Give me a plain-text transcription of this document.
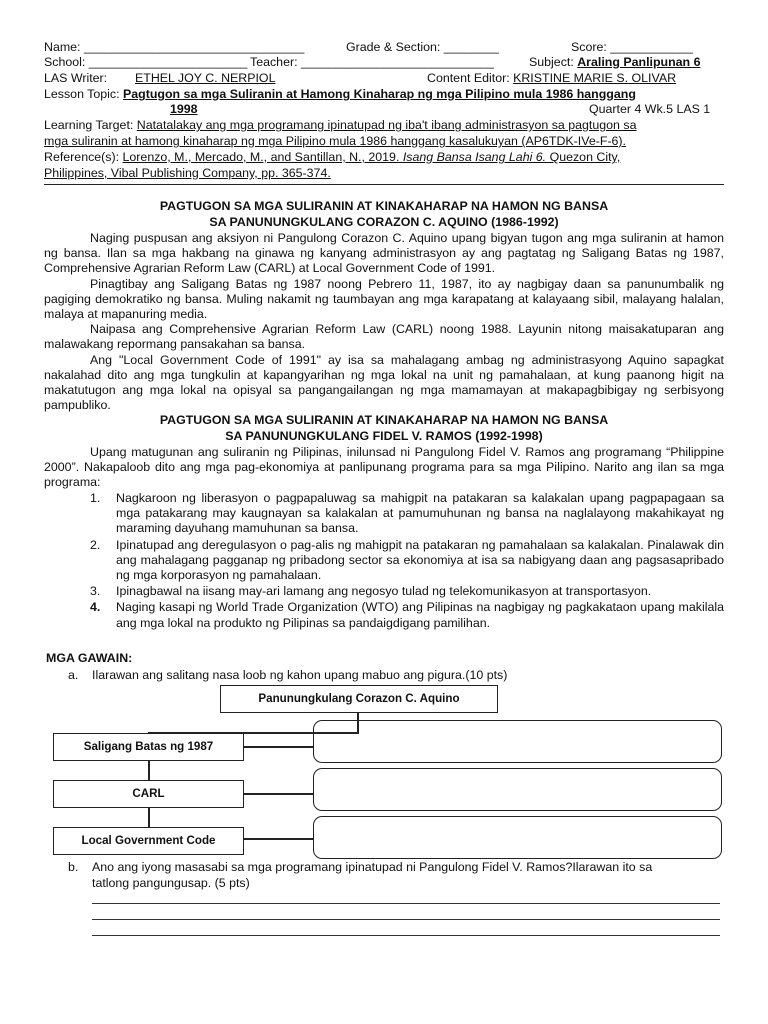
Name: ________________________________	Grade & Section: ________	Score: ____________
School: _______________________ Teacher: ____________________________	Subject: Araling Panlipunan 6
LAS Writer: ETHEL JOY C. NERPIOL	Content Editor: KRISTINE MARIE S. OLIVAR
Lesson Topic: Pagtugon sa mga Suliranin at Hamong Kinaharap ng mga Pilipino mula 1986 hanggang
1998	Quarter 4 Wk.5 LAS 1
Learning Target: Natatalakay ang mga programang ipinatupad ng iba't ibang administrasyon sa pagtugon sa
mga suliranin at hamong kinaharap ng mga Pilipino mula 1986 hanggang kasalukuyan (AP6TDK-IVe-F-6).
Reference(s): Lorenzo, M., Mercado, M., and Santillan, N., 2019. Isang Bansa Isang Lahi 6. Quezon City,
Philippines, Vibal Publishing Company, pp. 365-374.
PAGTUGON SA MGA SULIRANIN AT KINAKAHARAP NA HAMON NG BANSA
SA PANUNUNGKULANG CORAZON C. AQUINO (1986-1992)

Naging puspusan ang aksiyon ni Pangulong Corazon C. Aquino upang bigyan tugon ang mga suliranin at hamon ng bansa. Ilan sa mga hakbang na ginawa ng kanyang administrasyon ay ang pagtatag ng Saligang Batas ng 1987, Comprehensive Agrarian Reform Law (CARL) at Local Government Code of 1991.

Pinagtibay ang Saligang Batas ng 1987 noong Pebrero 11, 1987, ito ay nagbigay daan sa panunumbalik ng pagiging demokratiko ng bansa. Muling nakamit ng taumbayan ang mga karapatang at kalayaang sibil, malayang halalan, malaya at mapanuring media.

Naipasa ang Comprehensive Agrarian Reform Law (CARL) noong 1988. Layunin nitong maisakatuparan ang malawakang repormang pansakahan sa bansa.

Ang "Local Government Code of 1991" ay isa sa mahalagang ambag ng administrasyong Aquino sapagkat nakalahad dito ang mga tungkulin at kapangyarihan ng mga lokal na unit ng pamahalaan, at kung paanong higit na makatutugon ang mga lokal na opisyal sa pangangailangan ng mga mamamayan at makapagbibigay ng serbisyong pampubliko.

PAGTUGON SA MGA SULIRANIN AT KINAKAHARAP NA HAMON NG BANSA
SA PANUNUNGKULANG FIDEL V. RAMOS (1992-1998)

Upang matugunan ang suliranin ng Pilipinas, inilunsad ni Pangulong Fidel V. Ramos ang programang “Philippine 2000”. Nakapaloob dito ang mga pag-ekonomiya at panlipunang programa para sa mga Pilipino. Narito ang ilan sa mga programa:

1. Nagkaroon ng liberasyon o pagpapaluwag sa mahigpit na patakaran sa kalakalan upang pagpapagaan sa mga patakarang may kaugnayan sa kalakalan at pamumuhunan ng bansa na naglalayong makahikayat ng maraming dayuhang mamuhunan sa bansa.
2. Ipinatupad ang deregulasyon o pag-alis ng mahigpit na patakaran ng pamahalaan sa kalakalan. Pinalawak din ang mahalagang pagganap ng pribadong sector sa ekonomiya at isa sa nabigyang daan ang pagsasapribado ng mga korporasyon ng pamahalaan.
3. Ipinagbawal na iisang may-ari lamang ang negosyo tulad ng telekomunikasyon at transportasyon.
4. Naging kasapi ng World Trade Organization (WTO) ang Pilipinas na nagbigay ng pagkakataon upang makilala ang mga lokal na produkto ng Pilipinas sa pandaigdigang pamilihan.
MGA GAWAIN:
a. Ilarawan ang salitang nasa loob ng kahon upang mabuo ang pigura.(10 pts)
Panunungkulang Corazon C. Aquino
Saligang Batas ng 1987
CARL
Local Government Code
b. Ano ang iyong masasabi sa mga programang ipinatupad ni Pangulong Fidel V. Ramos?Ilarawan ito sa
tatlong pangungusap. (5 pts)
